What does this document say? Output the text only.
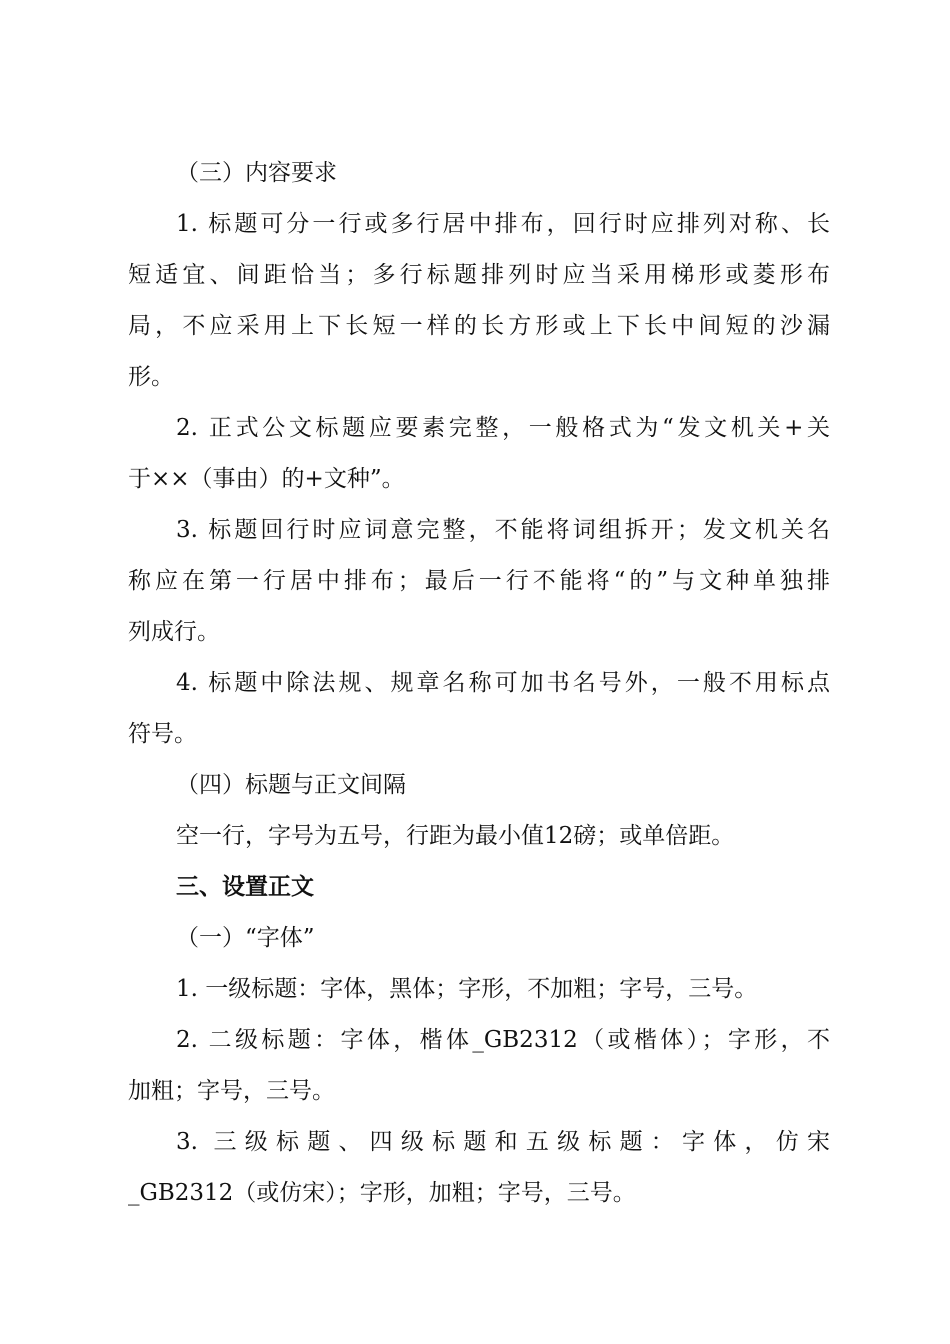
（三）内容要求
1. 标题可分一行或多行居中排布，回行时应排列对称、长
短适宜、间距恰当；多行标题排列时应当采用梯形或菱形布
局，不应采用上下长短一样的长方形或上下长中间短的沙漏
形。
2. 正式公文标题应要素完整，一般格式为“发文机关+关
于××（事由）的+文种”。
3. 标题回行时应词意完整，不能将词组拆开；发文机关名
称应在第一行居中排布；最后一行不能将“的”与文种单独排
列成行。
4. 标题中除法规、规章名称可加书名号外，一般不用标点
符号。
（四）标题与正文间隔
空一行，字号为五号，行距为最小值12磅；或单倍距。
三、设置正文
（一）“字体”
1. 一级标题：字体，黑体；字形，不加粗；字号，三号。
2. 二级标题：字体，楷体_GB2312（或楷体）；字形，不
加粗；字号，三号。
3. 三级标题、四级标题和五级标题：字体，仿宋
_GB2312（或仿宋）；字形，加粗；字号，三号。
